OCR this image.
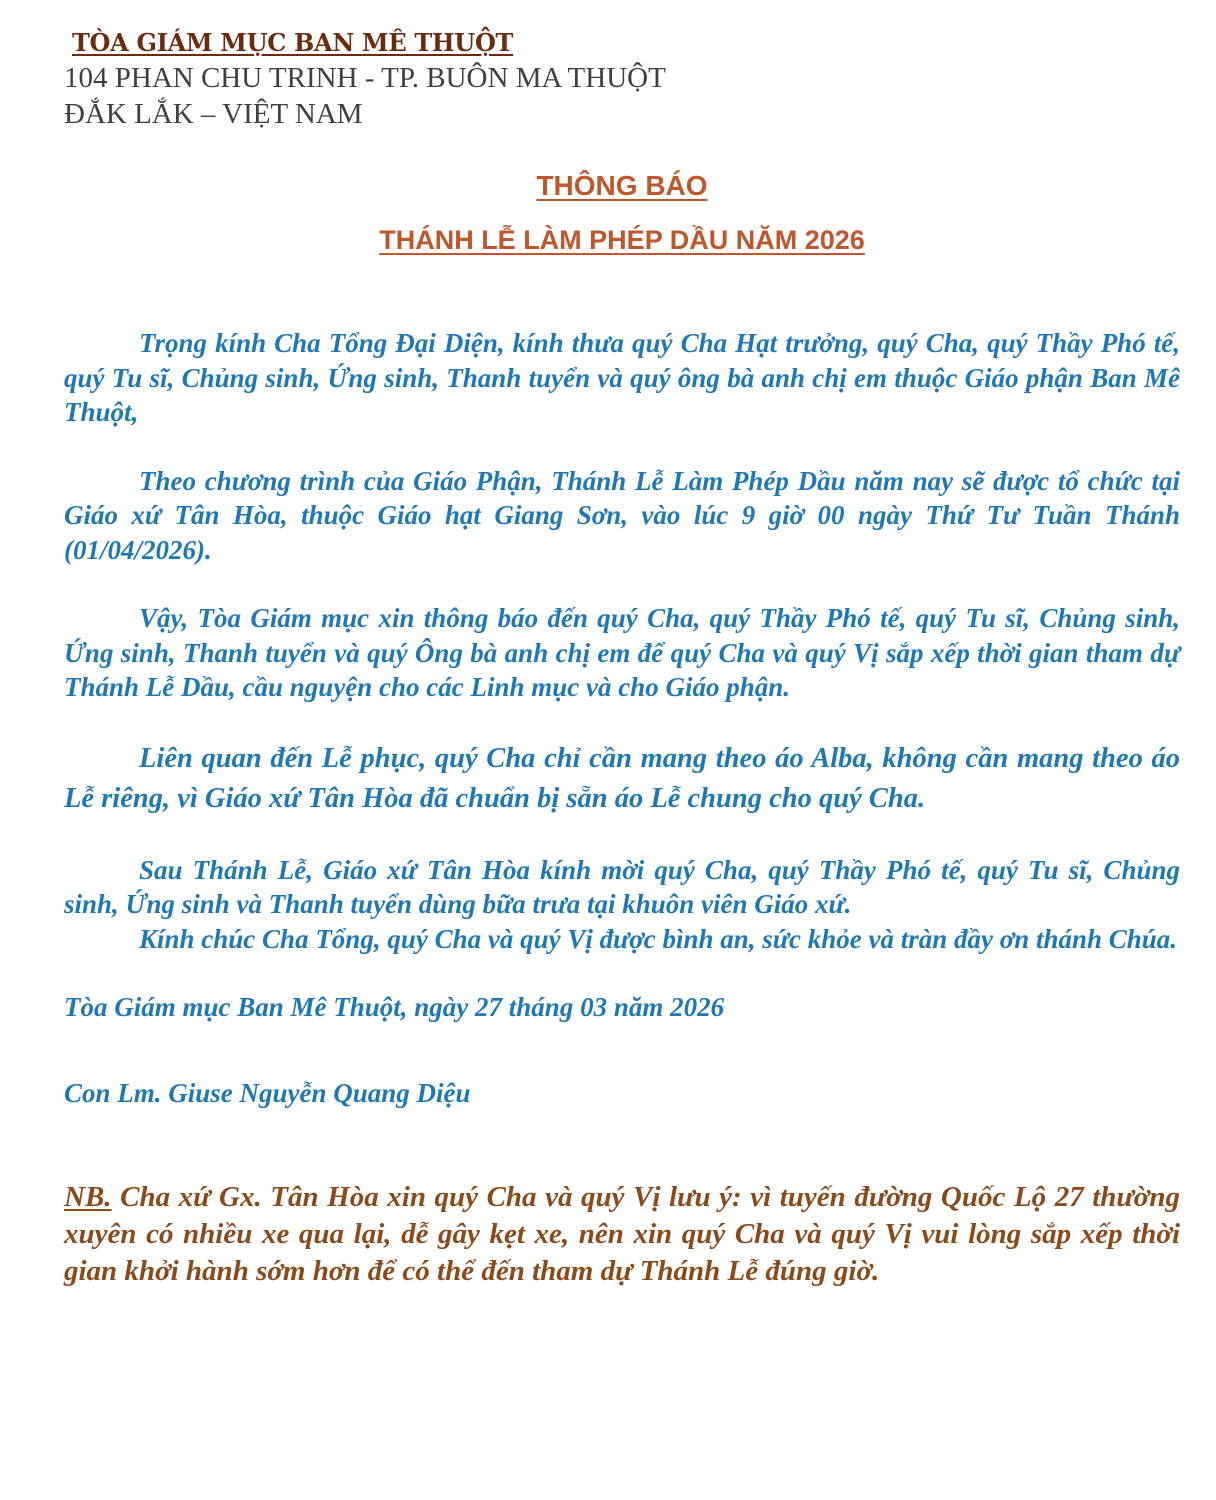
TÒA GIÁM MỤC BAN MÊ THUỘT

104 PHAN CHU TRINH - TP. BUÔN MA THUỘT

ĐẮK LẮK – VIỆT NAM

THÔNG BÁO
THÁNH LỄ LÀM PHÉP DẦU NĂM 2026

Trọng kính Cha Tổng Đại Diện, kính thưa quý Cha Hạt trưởng, quý Cha, quý Thầy Phó tế, quý Tu sĩ, Chủng sinh, Ứng sinh, Thanh tuyển và quý ông bà anh chị em thuộc Giáo phận Ban Mê Thuột,

Theo chương trình của Giáo Phận, Thánh Lễ Làm Phép Dầu năm nay sẽ được tổ chức tại Giáo xứ Tân Hòa, thuộc Giáo hạt Giang Sơn, vào lúc 9 giờ 00 ngày Thứ Tư Tuần Thánh (01/04/2026).

Vậy, Tòa Giám mục xin thông báo đến quý Cha, quý Thầy Phó tế, quý Tu sĩ, Chủng sinh, Ứng sinh, Thanh tuyển và quý Ông bà anh chị em để quý Cha và quý Vị sắp xếp thời gian tham dự Thánh Lễ Dầu, cầu nguyện cho các Linh mục và cho Giáo phận.

Liên quan đến Lễ phục, quý Cha chỉ cần mang theo áo Alba, không cần mang theo áo Lễ riêng, vì Giáo xứ Tân Hòa đã chuẩn bị sẵn áo Lễ chung cho quý Cha.

Sau Thánh Lễ, Giáo xứ Tân Hòa kính mời quý Cha, quý Thầy Phó tế, quý Tu sĩ, Chủng sinh, Ứng sinh và Thanh tuyển dùng bữa trưa tại khuôn viên Giáo xứ.

Kính chúc Cha Tổng, quý Cha và quý Vị được bình an, sức khỏe và tràn đầy ơn thánh Chúa.

Tòa Giám mục Ban Mê Thuột, ngày 27 tháng 03 năm 2026

Con Lm. Giuse Nguyễn Quang Diệu

NB. Cha xứ Gx. Tân Hòa xin quý Cha và quý Vị lưu ý: vì tuyến đường Quốc Lộ 27 thường xuyên có nhiều xe qua lại, dễ gây kẹt xe, nên xin quý Cha và quý Vị vui lòng sắp xếp thời gian khởi hành sớm hơn để có thể đến tham dự Thánh Lễ đúng giờ.
